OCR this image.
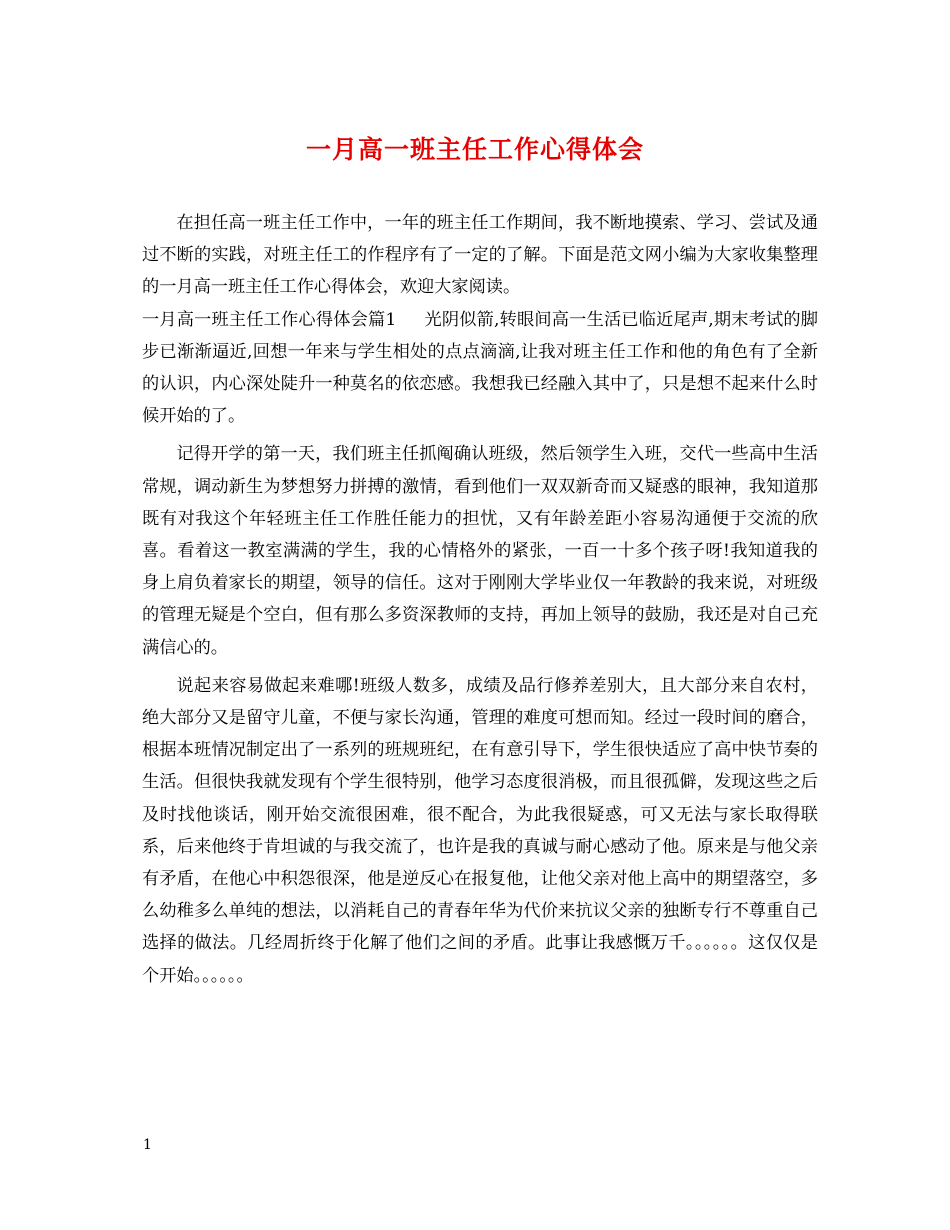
一月高一班主任工作心得体会

在担任高一班主任工作中，一年的班主任工作期间，我不断地摸索、学习、尝试及通过不断的实践，对班主任工的作程序有了一定的了解。下面是范文网小编为大家收集整理的一月高一班主任工作心得体会，欢迎大家阅读。

一月高一班主任工作心得体会篇1 光阴似箭,转眼间高一生活已临近尾声,期末考试的脚步已渐渐逼近,回想一年来与学生相处的点点滴滴,让我对班主任工作和他的角色有了全新的认识，内心深处陡升一种莫名的依恋感。我想我已经融入其中了，只是想不起来什么时候开始的了。

记得开学的第一天，我们班主任抓阄确认班级，然后领学生入班，交代一些高中生活常规，调动新生为梦想努力拼搏的激情，看到他们一双双新奇而又疑惑的眼神，我知道那既有对我这个年轻班主任工作胜任能力的担忧，又有年龄差距小容易沟通便于交流的欣喜。看着这一教室满满的学生，我的心情格外的紧张，一百一十多个孩子呀!我知道我的身上肩负着家长的期望，领导的信任。这对于刚刚大学毕业仅一年教龄的我来说，对班级的管理无疑是个空白，但有那么多资深教师的支持，再加上领导的鼓励，我还是对自己充满信心的。

说起来容易做起来难哪!班级人数多，成绩及品行修养差别大，且大部分来自农村，绝大部分又是留守儿童，不便与家长沟通，管理的难度可想而知。经过一段时间的磨合，根据本班情况制定出了一系列的班规班纪，在有意引导下，学生很快适应了高中快节奏的生活。但很快我就发现有个学生很特别，他学习态度很消极，而且很孤僻，发现这些之后及时找他谈话，刚开始交流很困难，很不配合，为此我很疑惑，可又无法与家长取得联系，后来他终于肯坦诚的与我交流了，也许是我的真诚与耐心感动了他。原来是与他父亲有矛盾，在他心中积怨很深，他是逆反心在报复他，让他父亲对他上高中的期望落空，多么幼稚多么单纯的想法，以消耗自己的青春年华为代价来抗议父亲的独断专行不尊重自己选择的做法。几经周折终于化解了他们之间的矛盾。此事让我感慨万千。。。。。。这仅仅是个开始。。。。。。

1
